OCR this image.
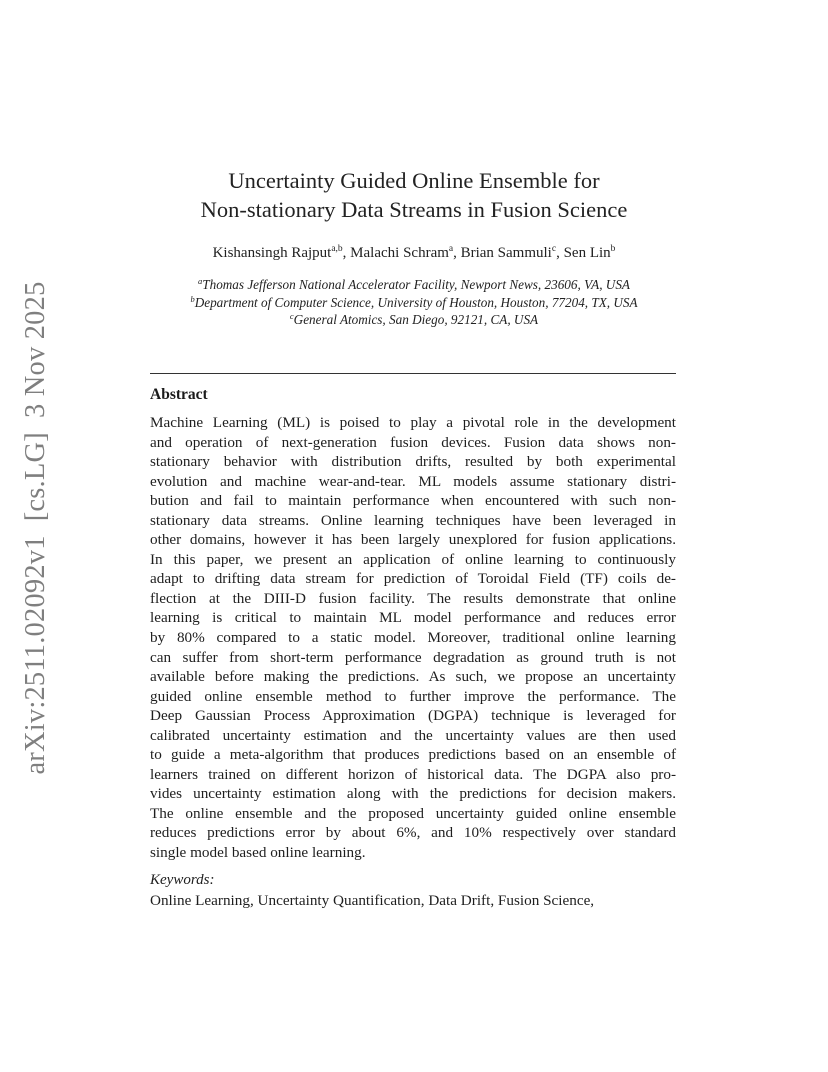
arXiv:2511.02092v1[cs.LG]3 Nov 2025
Uncertainty Guided Online Ensemble for
Non-stationary Data Streams in Fusion Science
Kishansingh Rajput$^{a,b}$, Malachi Schram$^a$, Brian Sammuli$^c$, Sen Lin$^b$
$^a$Thomas Jefferson National Accelerator Facility, Newport News, 23606, VA, USA
$^b$Department of Computer Science, University of Houston, Houston, 77204, TX, USA
$^c$General Atomics, San Diego, 92121, CA, USA
Abstract
Machine Learning (ML) is poised to play a pivotal role in the development
and operation of next-generation fusion devices. Fusion data shows non-
stationary behavior with distribution drifts, resulted by both experimental
evolution and machine wear-and-tear. ML models assume stationary distri-
bution and fail to maintain performance when encountered with such non-
stationary data streams. Online learning techniques have been leveraged in
other domains, however it has been largely unexplored for fusion applications.
In this paper, we present an application of online learning to continuously
adapt to drifting data stream for prediction of Toroidal Field (TF) coils de-
flection at the DIII-D fusion facility. The results demonstrate that online
learning is critical to maintain ML model performance and reduces error
by 80% compared to a static model. Moreover, traditional online learning
can suffer from short-term performance degradation as ground truth is not
available before making the predictions. As such, we propose an uncertainty
guided online ensemble method to further improve the performance. The
Deep Gaussian Process Approximation (DGPA) technique is leveraged for
calibrated uncertainty estimation and the uncertainty values are then used
to guide a meta-algorithm that produces predictions based on an ensemble of
learners trained on different horizon of historical data. The DGPA also pro-
vides uncertainty estimation along with the predictions for decision makers.
The online ensemble and the proposed uncertainty guided online ensemble
reduces predictions error by about 6%, and 10% respectively over standard
single model based online learning.
Keywords:
Online Learning, Uncertainty Quantification, Data Drift, Fusion Science,
